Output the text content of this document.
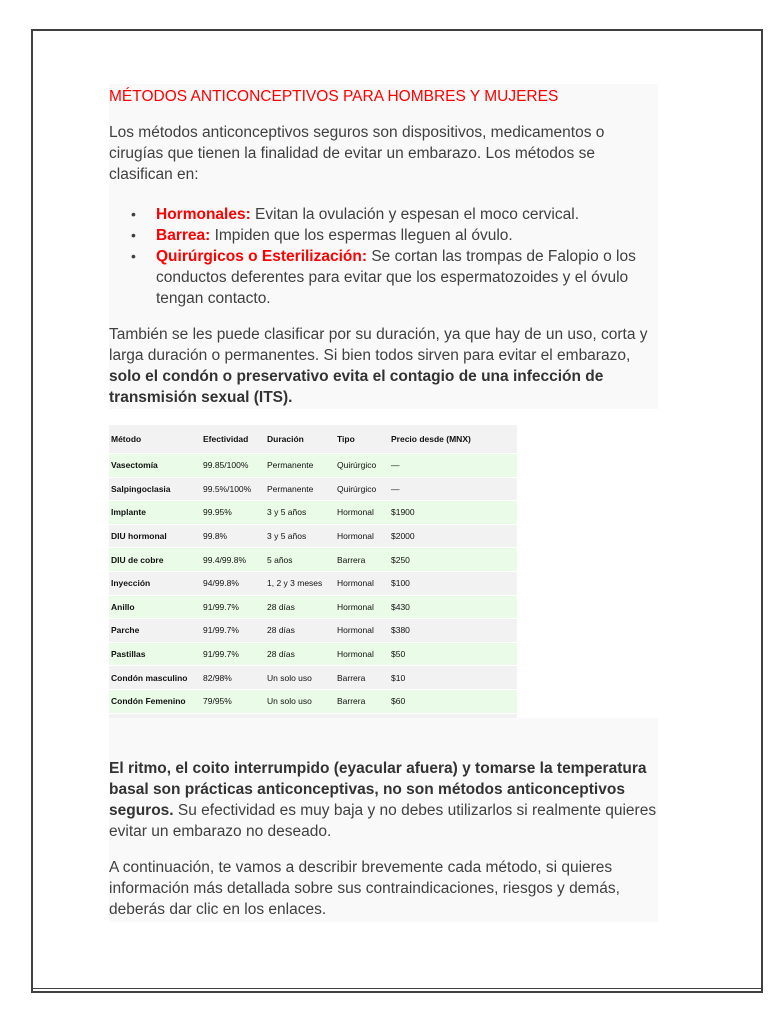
MÉTODOS ANTICONCEPTIVOS PARA HOMBRES Y MUJERES

Los métodos anticonceptivos seguros son dispositivos, medicamentos o cirugías que tienen la finalidad de evitar un embarazo. Los métodos se clasifican en:

• Hormonales: Evitan la ovulación y espesan el moco cervical.
• Barrea: Impiden que los espermas lleguen al óvulo.
• Quirúrgicos o Esterilización: Se cortan las trompas de Falopio o los conductos deferentes para evitar que los espermatozoides y el óvulo tengan contacto.

También se les puede clasificar por su duración, ya que hay de un uso, corta y larga duración o permanentes. Si bien todos sirven para evitar el embarazo, solo el condón o preservativo evita el contagio de una infección de transmisión sexual (ITS).

Método	Efectividad	Duración	Tipo	Precio desde (MNX)
Vasectomía	99.85/100%	Permanente	Quirúrgico	—
Salpingoclasia	99.5%/100%	Permanente	Quirúrgico	—
Implante	99.95%	3 y 5 años	Hormonal	$1900
DIU hormonal	99.8%	3 y 5 años	Hormonal	$2000
DIU de cobre	99.4/99.8%	5 años	Barrera	$250
Inyección	94/99.8%	1, 2 y 3 meses	Hormonal	$100
Anillo	91/99.7%	28 días	Hormonal	$430
Parche	91/99.7%	28 días	Hormonal	$380
Pastillas	91/99.7%	28 días	Hormonal	$50
Condón masculino	82/98%	Un solo uso	Barrera	$10
Condón Femenino	79/95%	Un solo uso	Barrera	$60

El ritmo, el coito interrumpido (eyacular afuera) y tomarse la temperatura basal son prácticas anticonceptivas, no son métodos anticonceptivos seguros. Su efectividad es muy baja y no debes utilizarlos si realmente quieres evitar un embarazo no deseado.

A continuación, te vamos a describir brevemente cada método, si quieres información más detallada sobre sus contraindicaciones, riesgos y demás, deberás dar clic en los enlaces.
